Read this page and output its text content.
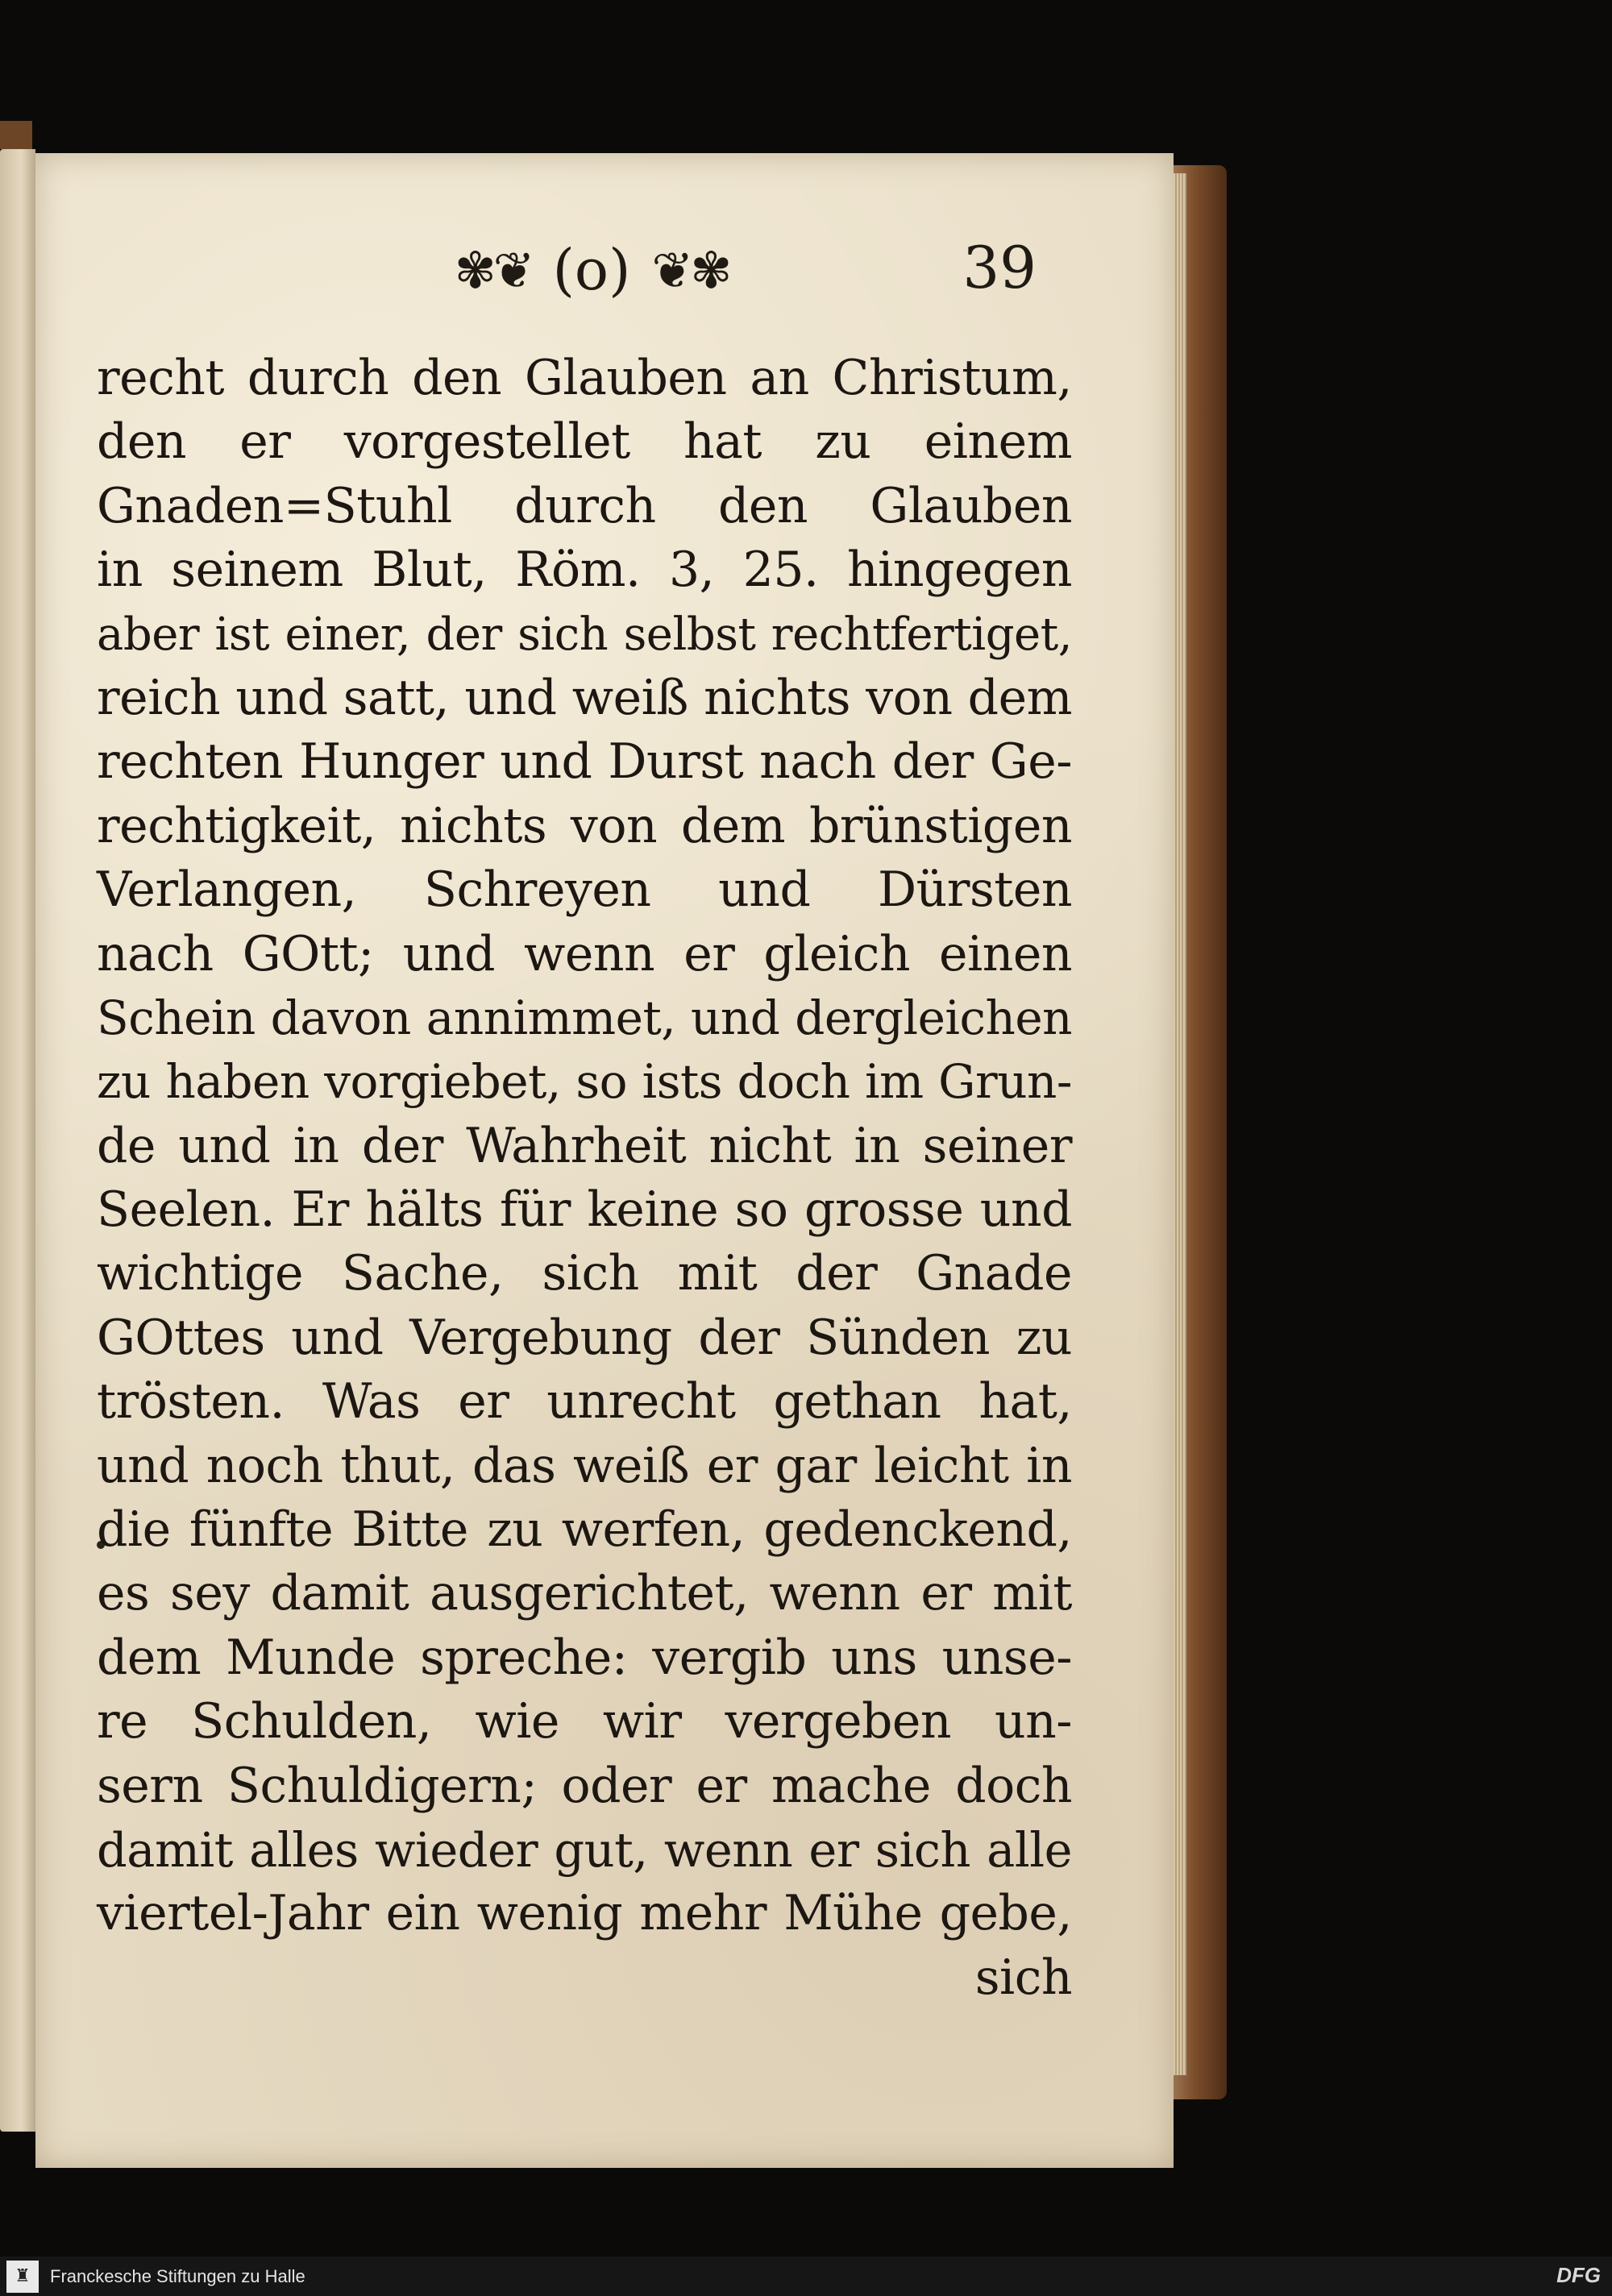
✾❦ (o) ❦✾	39
recht durch den Glauben an Christum,
den er vorgestellet hat zu einem
Gnaden=Stuhl durch den Glauben
in seinem Blut, Röm. 3, 25. hingegen
aber ist einer, der sich selbst rechtfertiget,
reich und satt, und weiß nichts von dem
rechten Hunger und Durst nach der Ge-
rechtigkeit, nichts von dem brünstigen
Verlangen, Schreyen und Dürsten
nach GOtt; und wenn er gleich einen
Schein davon annimmet, und dergleichen
zu haben vorgiebet, so ists doch im Grun-
de und in der Wahrheit nicht in seiner
Seelen. Er hälts für keine so grosse und
wichtige Sache, sich mit der Gnade
GOttes und Vergebung der Sünden zu
trösten. Was er unrecht gethan hat,
und noch thut, das weiß er gar leicht in
die fünfte Bitte zu werfen, gedenckend,
es sey damit ausgerichtet, wenn er mit
dem Munde spreche: vergib uns unse-
re Schulden, wie wir vergeben un-
sern Schuldigern; oder er mache doch
damit alles wieder gut, wenn er sich alle
viertel-Jahr ein wenig mehr Mühe gebe,
sich
♜	Franckesche Stiftungen zu Halle	DFG
